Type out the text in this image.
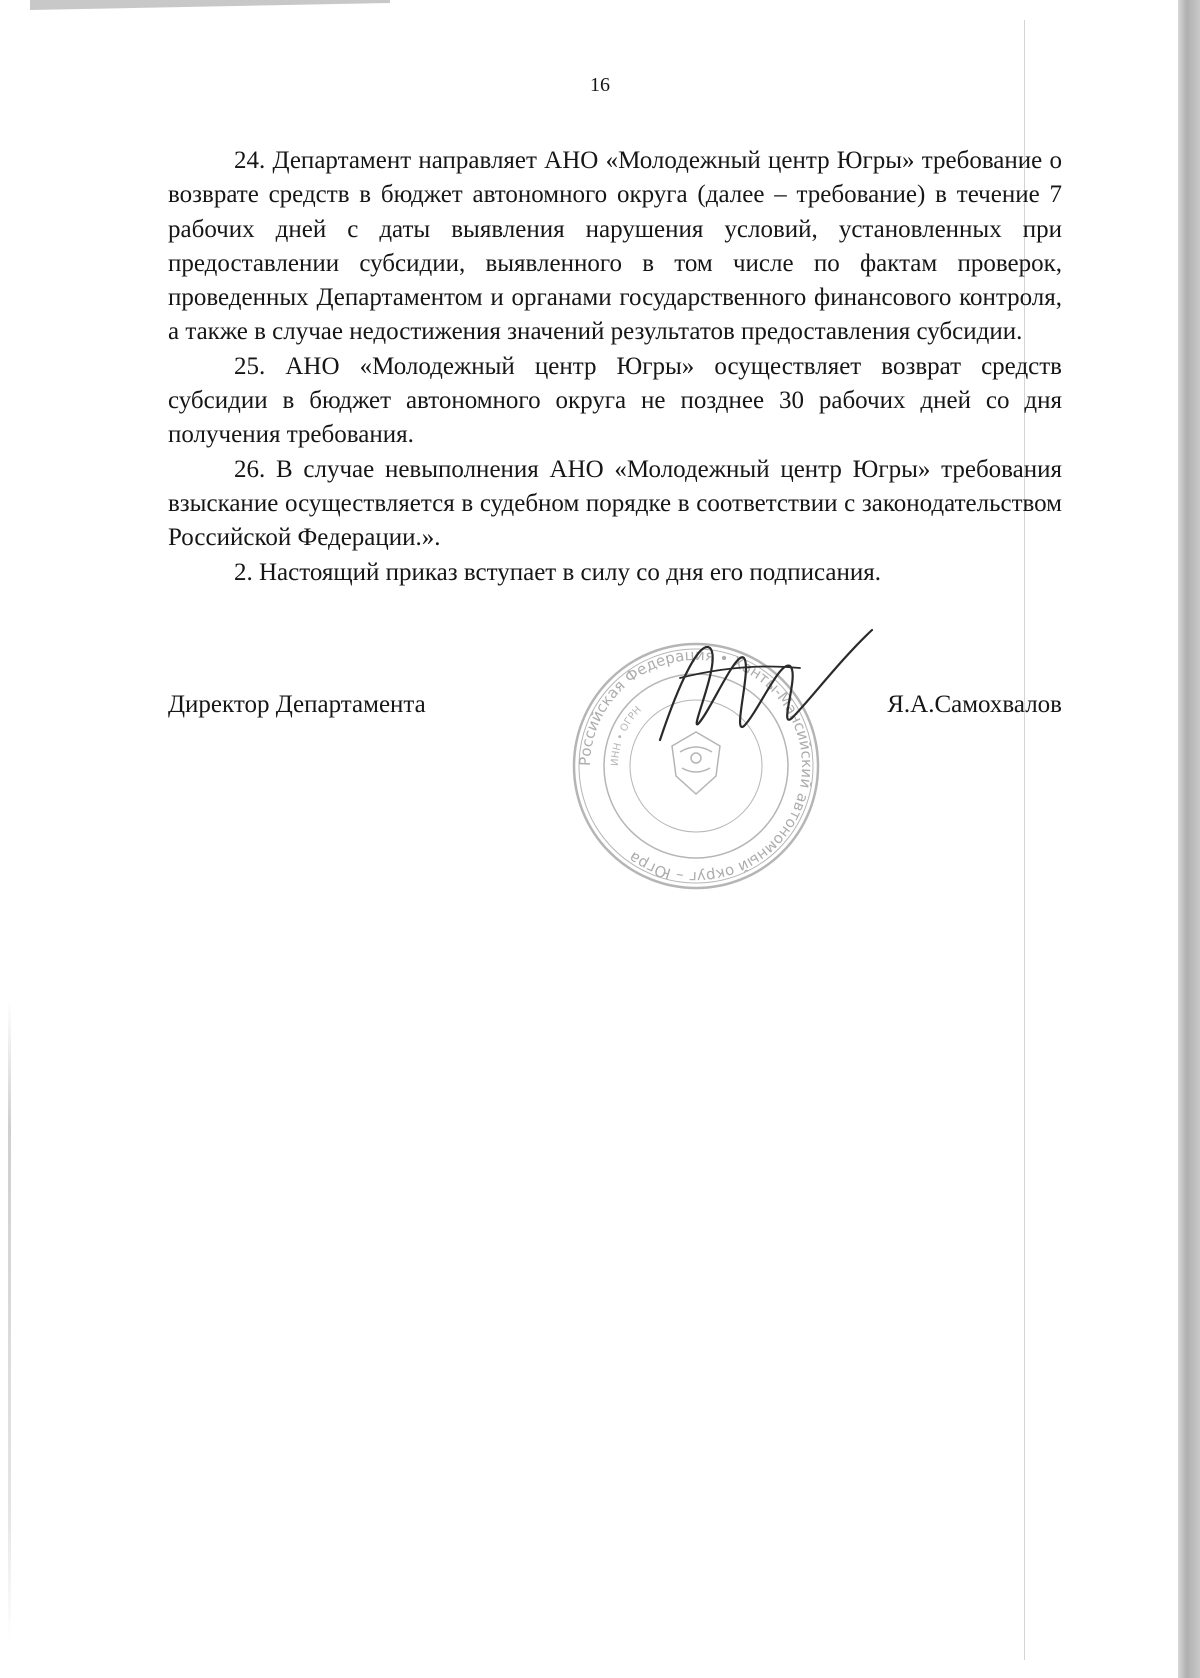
16

24. Департамент направляет АНО «Молодежный центр Югры» требование о возврате средств в бюджет автономного округа (далее – требование) в течение 7 рабочих дней с даты выявления нарушения условий, установленных при предоставлении субсидии, выявленного в том числе по фактам проверок, проведенных Департаментом и органами государственного финансового контроля, а также в случае недостижения значений результатов предоставления субсидии.

25. АНО «Молодежный центр Югры» осуществляет возврат средств субсидии в бюджет автономного округа не позднее 30 рабочих дней со дня получения требования.

26. В случае невыполнения АНО «Молодежный центр Югры» требования взыскание осуществляется в судебном порядке в соответствии с законодательством Российской Федерации.».

2. Настоящий приказ вступает в силу со дня его подписания.

Российская Федерация • Ханты-Мансийский автономный округ – Югра
ИНН • ОГРН
Директор Департамента	Я.А.Самохвалов
